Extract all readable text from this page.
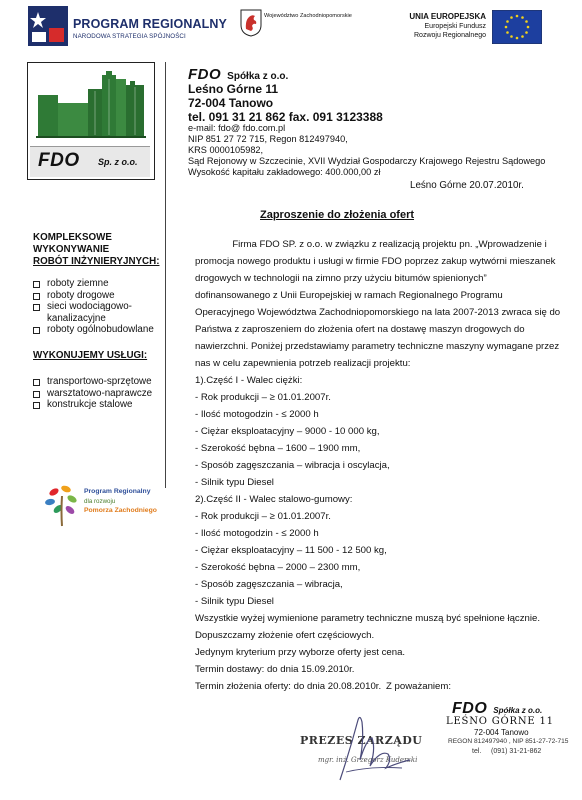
PROGRAM REGIONALNY
NARODOWA STRATEGIA SPÓJNOŚCI
Województwo Zachodniopomorskie	UNIA EUROPEJSKA
Europejski Fundusz
Rozwoju Regionalnego
FDO Sp. z o.o.
KOMPLEKSOWE
WYKONYWANIE
ROBÓT INŻYNIERYJNYCH:
roboty ziemne
roboty drogowe
sieci wodociągowo-
kanalizacyjne
roboty ogólnobudowlane
WYKONUJEMY USŁUGI:
transportowo-sprzętowe
warsztatowo-naprawcze
konstrukcje stalowe
Program Regionalny
dla rozwoju
Pomorza Zachodniego
FDO Spółka z o.o.
Leśno Górne 11
72-004 Tanowo
tel. 091 31 21 862 fax. 091 3123388
e-mail: fdo@ fdo.com.pl
NIP 851 27 72 715, Regon 812497940,
KRS 0000105982,
Sąd Rejonowy w Szczecinie, XVII Wydział Gospodarczy Krajowego Rejestru Sądowego
Wysokość kapitału zakładowego: 400.000,00 zł
Leśno Górne 20.07.2010r.
Zaproszenie do złożenia ofert
Firma FDO SP. z o.o. w związku z realizacją projektu pn. „Wprowadzenie i
promocja nowego produktu i usługi w firmie FDO poprzez zakup wytwórni mieszanek
drogowych w technologii na zimno przy użyciu bitumów spienionych”
dofinansowanego z Unii Europejskiej w ramach Regionalnego Programu
Operacyjnego Województwa Zachodniopomorskiego na lata 2007-2013 zwraca się do
Państwa z zaproszeniem do złożenia ofert na dostawę maszyn drogowych do
nawierzchni. Poniżej przedstawiamy parametry techniczne maszyny wymagane przez
nas w celu zapewnienia potrzeb realizacji projektu:
1).Część I - Walec ciężki:
- Rok produkcji – ≥ 01.01.2007r.
- Ilość motogodzin - ≤ 2000 h
- Ciężar eksploatacyjny – 9000 - 10 000 kg,
- Szerokość bębna – 1600 – 1900 mm,
- Sposób zagęszczania – wibracja i oscylacja,
- Silnik typu Diesel
2).Część II - Walec stalowo-gumowy:
- Rok produkcji – ≥ 01.01.2007r.
- Ilość motogodzin - ≤ 2000 h
- Ciężar eksploatacyjny – 11 500 - 12 500 kg,
- Szerokość bębna – 2000 – 2300 mm,
- Sposób zagęszczania – wibracja,
- Silnik typu Diesel
Wszystkie wyżej wymienione parametry techniczne muszą być spełnione łącznie.
Dopuszczamy złożenie ofert częściowych.
Jedynym kryterium przy wyborze oferty jest cena.
Termin dostawy: do dnia 15.09.2010r.
Termin złożenia oferty: do dnia 20.08.2010r. Z poważaniem:
PREZES ZARZĄDU
mgr. inż. Grzegorz Kuderski
FDO Spółka z o.o.
LEŚNO GÓRNE 11
72-004 Tanowo
REGON 812497940 , NIP 851-27-72-715
tel.     (091) 31-21-862
